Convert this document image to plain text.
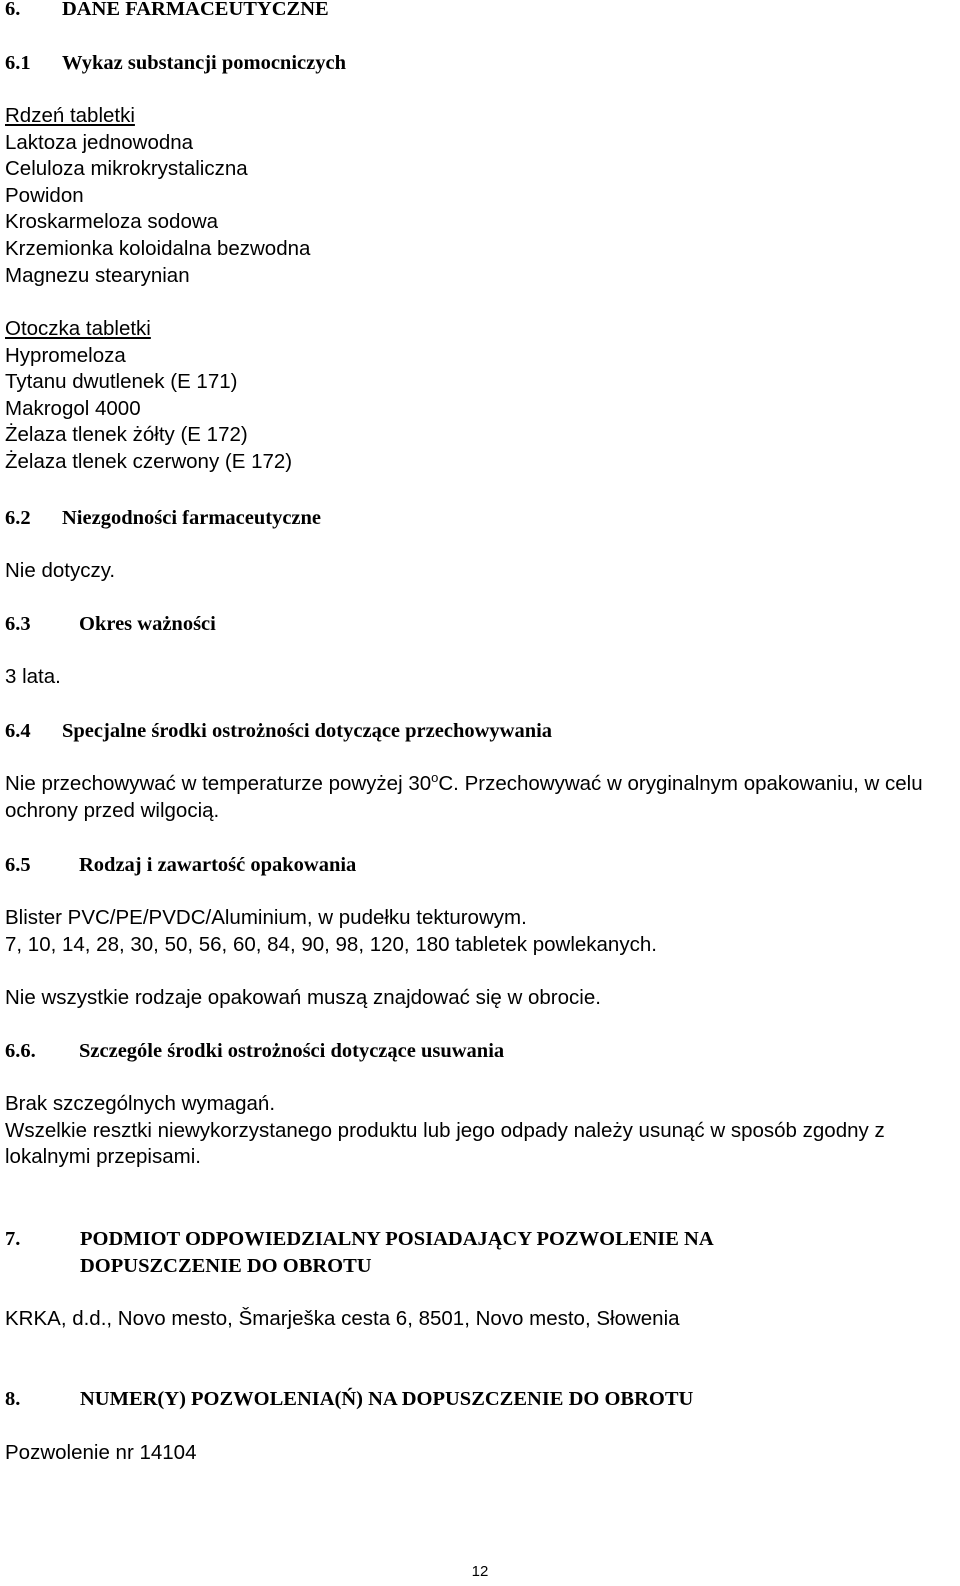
6. DANE FARMACEUTYCZNE
6.1 Wykaz substancji pomocniczych
Rdzeń tabletki
Laktoza jednowodna
Celuloza mikrokrystaliczna
Powidon
Kroskarmeloza sodowa
Krzemionka koloidalna bezwodna
Magnezu stearynian
Otoczka tabletki
Hypromeloza
Tytanu dwutlenek (E 171)
Makrogol 4000
Żelaza tlenek żółty (E 172)
Żelaza tlenek czerwony (E 172)
6.2 Niezgodności farmaceutyczne
Nie dotyczy.
6.3 Okres ważności
3 lata.
6.4 Specjalne środki ostrożności dotyczące przechowywania
Nie przechowywać w temperaturze powyżej 30$^o$C. Przechowywać w oryginalnym opakowaniu, w celu ochrony przed wilgocią.
6.5 Rodzaj i zawartość opakowania
Blister PVC/PE/PVDC/Aluminium, w pudełku tekturowym.
7, 10, 14, 28, 30, 50, 56, 60, 84, 90, 98, 120, 180 tabletek powlekanych.
Nie wszystkie rodzaje opakowań muszą znajdować się w obrocie.
6.6. Szczególe środki ostrożności dotyczące usuwania
Brak szczególnych wymagań.
Wszelkie resztki niewykorzystanego produktu lub jego odpady należy usunąć w sposób zgodny z lokalnymi przepisami.
7.	PODMIOT ODPOWIEDZIALNY POSIADAJĄCY POZWOLENIE NA
DOPUSZCZENIE DO OBROTU
KRKA, d.d., Novo mesto, Šmarješka cesta 6, 8501, Novo mesto, Słowenia
8.	NUMER(Y) POZWOLENIA(Ń) NA DOPUSZCZENIE DO OBROTU
Pozwolenie nr 14104
12
